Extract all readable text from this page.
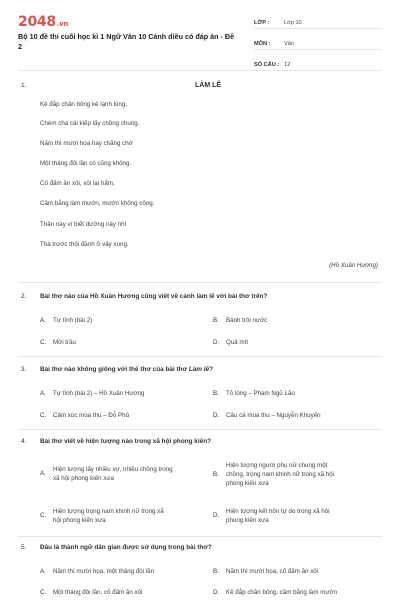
2048.vn
Bộ 10 đề thi cuối học kì 1 Ngữ Văn 10 Cánh diều có đáp án - Đề 2
LỚP :	Lớp 10
MÔN :	Văn
SỐ CÂU : 12
1.	LÀM LẼ
Kẻ đắp chăn bông kẻ lạnh lùng,
Chém cha cái kiếp lấy chồng chung.
Năm thì mười họa hay chăng chớ
Một tháng đôi lần có cũng không.
Cố đấm ăn xôi, xôi lại hẩm,
Cầm bằng làm mướn, mướn không công.
Thân này ví biết dường này nhỉ
Thà trước thôi đành ở vậy xong.
(Hồ Xuân Hương)
2. Bài thơ nào của Hồ Xuân Hương cũng viết về cảnh làm lẽ với bài thơ trên?
A.	Tự tình (bài 2)	B.	Bánh trôi nước
C.	Mời trầu	D.	Quả mít
3. Bài thơ nào không giống với thể thơ của bài thơ Làm lẽ?
A.	Tự tình (bài 2) – Hồ Xuân Hương	B.	Tỏ lòng – Phạm Ngũ Lão
C.	Cảm xúc mùa thu – Đỗ Phủ	D.	Câu cá mùa thu – Nguyễn Khuyến
4. Bài thơ viết về hiện tượng nào trong xã hội phong kiến?
A.
Hiện tượng lấy nhiều vợ, nhiều chồng trong
xã hội phong kiến xưa
B.
Hiện tượng người phụ nữ chung một
chồng, trọng nam khinh nữ trong xã hội
phong kiến xưa
C.
Hiện tượng trọng nam khinh nữ trong xã
hội phong kiến xưa
D.
Hiện tượng kết hôn tự do trong xã hội
phong kiến xưa
5. Đâu là thành ngữ dân gian được sử dụng trong bài thơ?
A.	Năm thì mười họa, một tháng đôi lần	B.	Năm thì mười họa, cố đấm ăn xôi
C.	Một tháng đôi lần, cố đấm ăn xôi	D.	Kẻ đắp chăn bông, cầm bằng làm mướn
